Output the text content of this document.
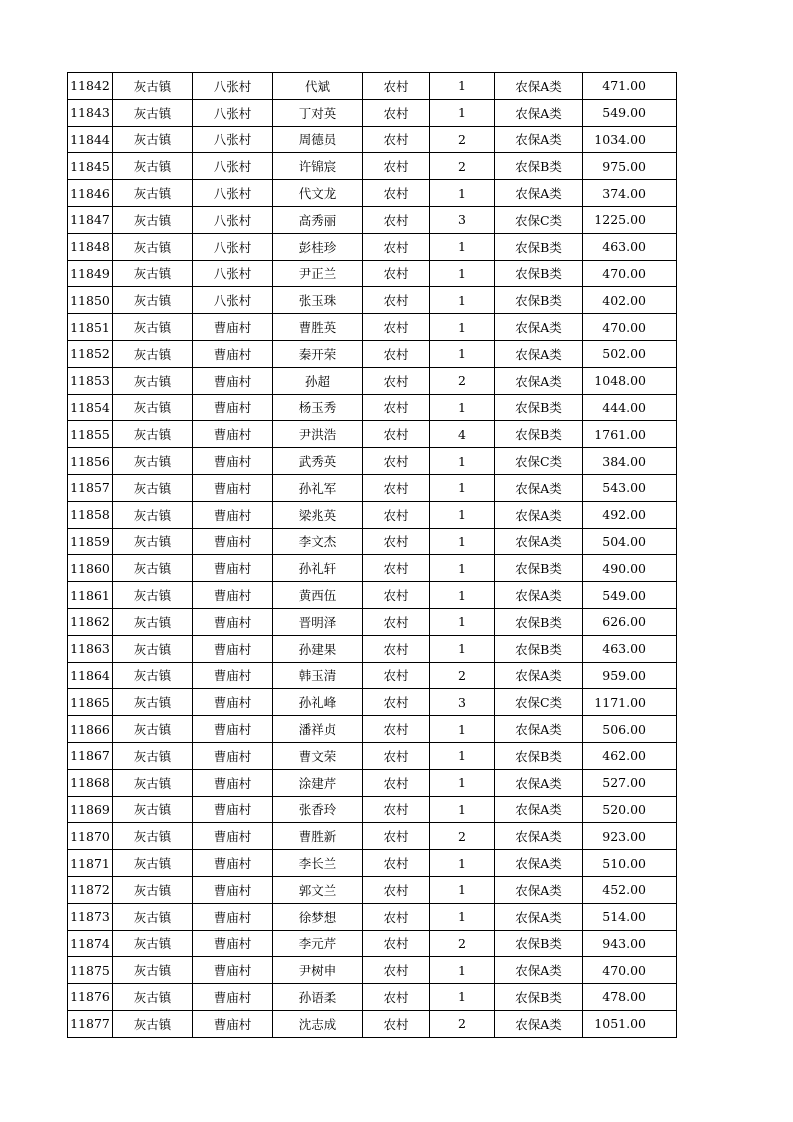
11842	灰古镇	八张村	代斌	农村	1	农保A类	471.00
11843	灰古镇	八张村	丁对英	农村	1	农保A类	549.00
11844	灰古镇	八张村	周德员	农村	2	农保A类	1034.00
11845	灰古镇	八张村	许锦宸	农村	2	农保B类	975.00
11846	灰古镇	八张村	代文龙	农村	1	农保A类	374.00
11847	灰古镇	八张村	高秀丽	农村	3	农保C类	1225.00
11848	灰古镇	八张村	彭桂珍	农村	1	农保B类	463.00
11849	灰古镇	八张村	尹正兰	农村	1	农保B类	470.00
11850	灰古镇	八张村	张玉珠	农村	1	农保B类	402.00
11851	灰古镇	曹庙村	曹胜英	农村	1	农保A类	470.00
11852	灰古镇	曹庙村	秦开荣	农村	1	农保A类	502.00
11853	灰古镇	曹庙村	孙超	农村	2	农保A类	1048.00
11854	灰古镇	曹庙村	杨玉秀	农村	1	农保B类	444.00
11855	灰古镇	曹庙村	尹洪浩	农村	4	农保B类	1761.00
11856	灰古镇	曹庙村	武秀英	农村	1	农保C类	384.00
11857	灰古镇	曹庙村	孙礼军	农村	1	农保A类	543.00
11858	灰古镇	曹庙村	梁兆英	农村	1	农保A类	492.00
11859	灰古镇	曹庙村	李文杰	农村	1	农保A类	504.00
11860	灰古镇	曹庙村	孙礼轩	农村	1	农保B类	490.00
11861	灰古镇	曹庙村	黄西伍	农村	1	农保A类	549.00
11862	灰古镇	曹庙村	晋明泽	农村	1	农保B类	626.00
11863	灰古镇	曹庙村	孙建果	农村	1	农保B类	463.00
11864	灰古镇	曹庙村	韩玉清	农村	2	农保A类	959.00
11865	灰古镇	曹庙村	孙礼峰	农村	3	农保C类	1171.00
11866	灰古镇	曹庙村	潘祥贞	农村	1	农保A类	506.00
11867	灰古镇	曹庙村	曹文荣	农村	1	农保B类	462.00
11868	灰古镇	曹庙村	涂建芹	农村	1	农保A类	527.00
11869	灰古镇	曹庙村	张香玲	农村	1	农保A类	520.00
11870	灰古镇	曹庙村	曹胜新	农村	2	农保A类	923.00
11871	灰古镇	曹庙村	李长兰	农村	1	农保A类	510.00
11872	灰古镇	曹庙村	郭文兰	农村	1	农保A类	452.00
11873	灰古镇	曹庙村	徐梦想	农村	1	农保A类	514.00
11874	灰古镇	曹庙村	李元芹	农村	2	农保B类	943.00
11875	灰古镇	曹庙村	尹树申	农村	1	农保A类	470.00
11876	灰古镇	曹庙村	孙语柔	农村	1	农保B类	478.00
11877	灰古镇	曹庙村	沈志成	农村	2	农保A类	1051.00
